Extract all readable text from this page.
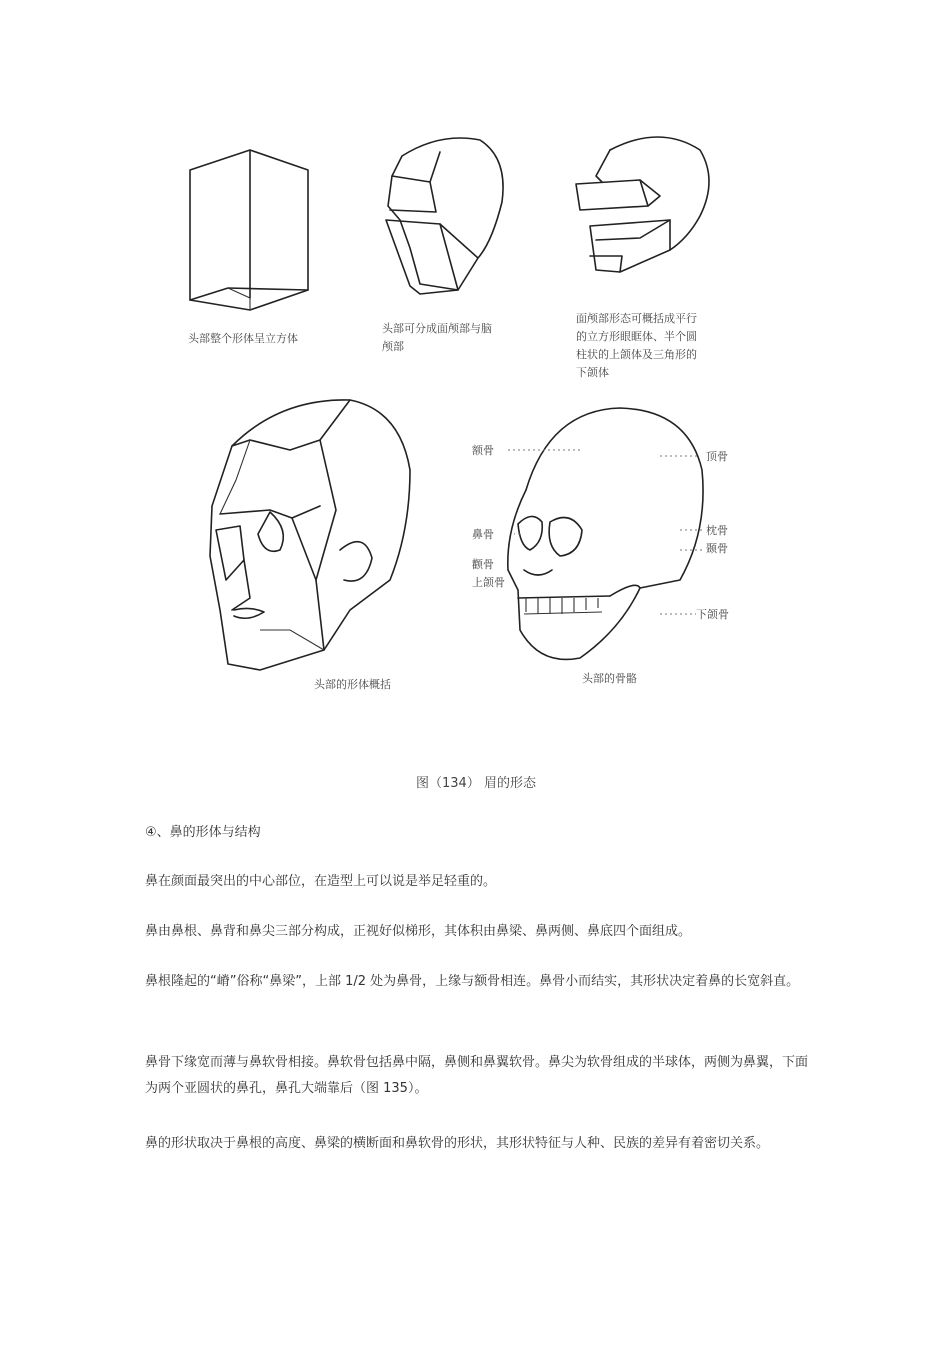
头部整个形体呈立方体
头部可分成面颅部与脑
颅部
面颅部形态可概括成平行
的立方形眼眶体、半个圆
柱状的上颌体及三角形的
下颌体
头部的形体概括
额骨	顶骨
鼻骨
颧骨
上颌骨
枕骨
颞骨
下颌骨
头部的骨骼
图（134） 眉的形态

④、鼻的形体与结构

鼻在颜面最突出的中心部位，在造型上可以说是举足轻重的。

鼻由鼻根、鼻背和鼻尖三部分构成，正视好似梯形，其体积由鼻梁、鼻两侧、鼻底四个面组成。

鼻根隆起的“嵴”俗称“鼻梁”，上部 1/2 处为鼻骨，上缘与额骨相连。鼻骨小而结实，其形状决定着鼻的长宽斜直。

鼻骨下缘宽而薄与鼻软骨相接。鼻软骨包括鼻中隔，鼻侧和鼻翼软骨。鼻尖为软骨组成的半球体，两侧为鼻翼，下面为两个亚圆状的鼻孔，鼻孔大端靠后（图 135）。

鼻的形状取决于鼻根的高度、鼻梁的横断面和鼻软骨的形状，其形状特征与人种、民族的差异有着密切关系。
